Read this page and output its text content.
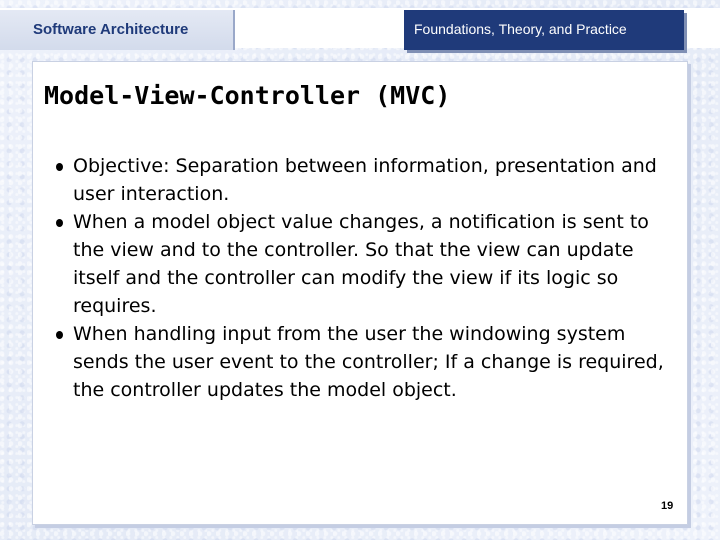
Software Architecture	Foundations, Theory, and Practice
Model-View-Controller (MVC)
Objective: Separation between information, presentation and user interaction.
When a model object value changes, a notification is sent to the view and to the controller. So that the view can update itself and the controller can modify the view if its logic so requires.
When handling input from the user the windowing system sends the user event to the controller; If a change is required, the controller updates the model object.
19
